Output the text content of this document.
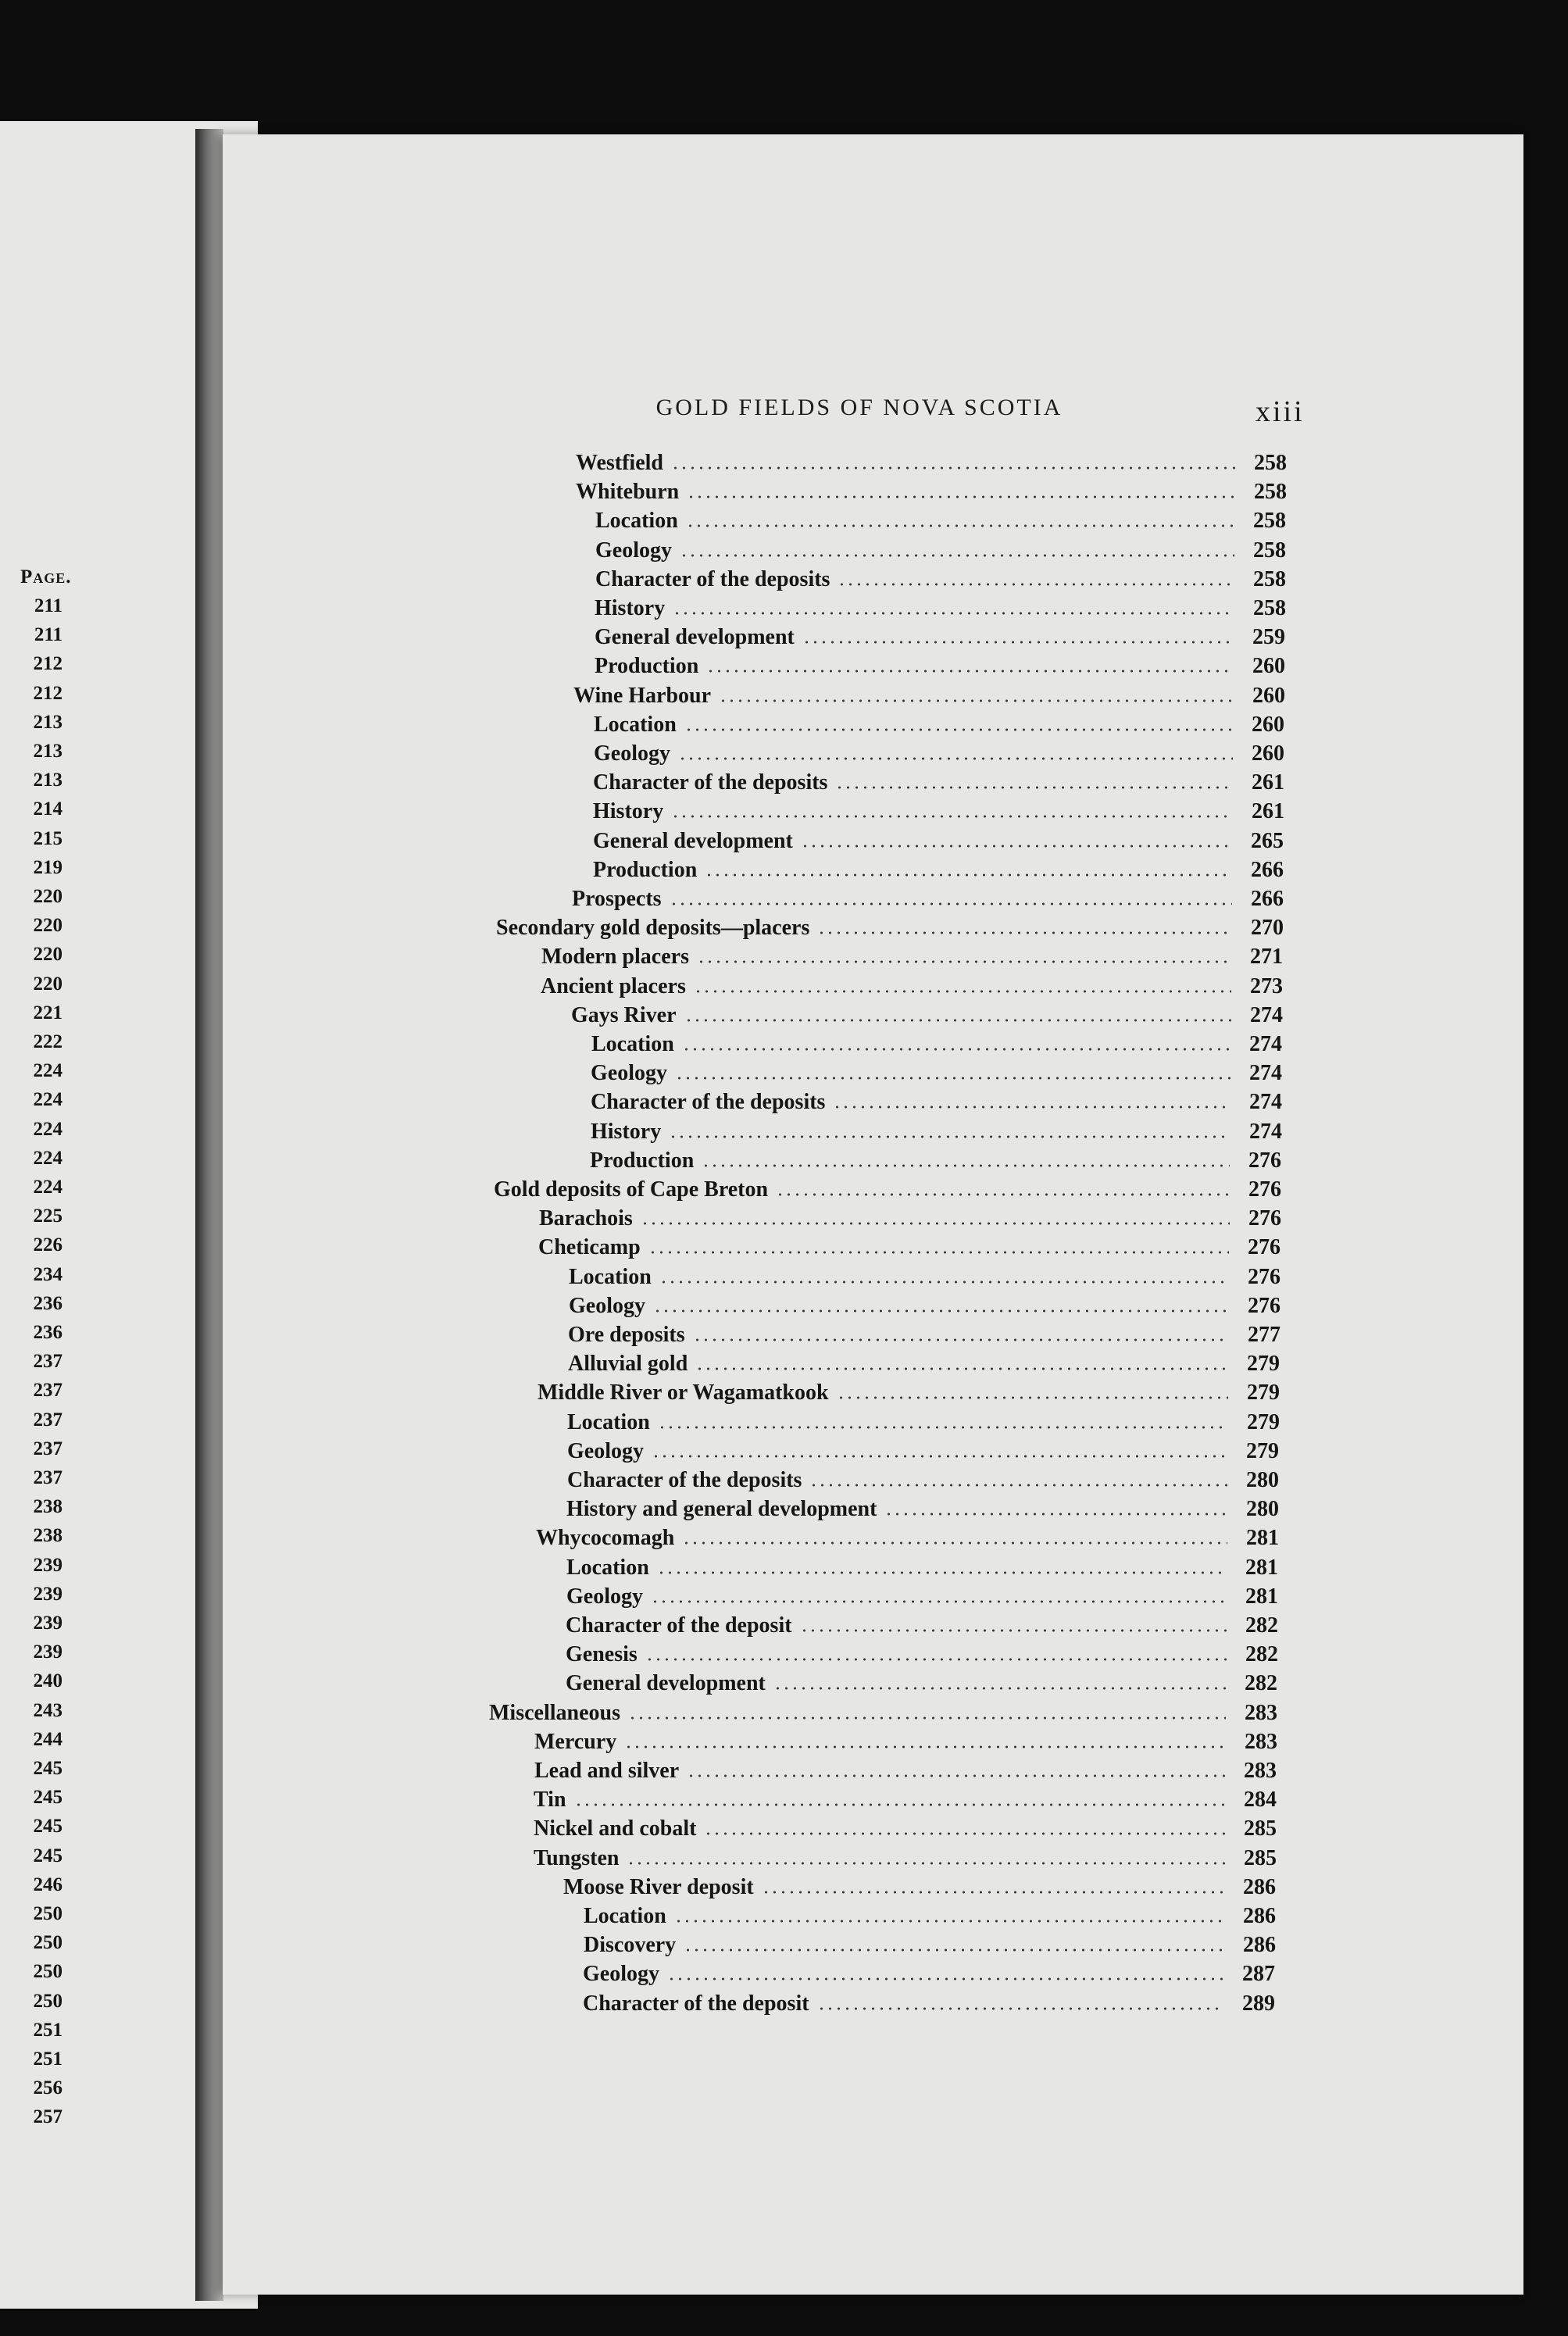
Page.
211
211
212
212
213
213
213
214
215
219
220
220
220
220
221
222
224
224
224
224
224
225
226
234
236
236
237
237
237
237
237
238
238
239
239
239
239
240
243
244
245
245
245
245
246
250
250
250
250
251
251
256
257
Westfield	258
Whiteburn	258
Location	258
Geology	258
Character of the deposits	258
History	258
General development	259
Production	260
Wine Harbour	260
Location	260
Geology	260
Character of the deposits	261
History	261
General development	265
Production	266
Prospects	266
Secondary gold deposits—placers	270
Modern placers	271
Ancient placers	273
Gays River	274
Location	274
Geology	274
Character of the deposits	274
History	274
Production	276
Gold deposits of Cape Breton	276
Barachois	276
Cheticamp	276
Location	276
Geology	276
Ore deposits	277
Alluvial gold	279
Middle River or Wagamatkook	279
Location	279
Geology	279
Character of the deposits	280
History and general development	280
Whycocomagh	281
Location	281
Geology	281
Character of the deposit	282
Genesis	282
General development	282
Miscellaneous	283
Mercury	283
Lead and silver	283
Tin	284
Nickel and cobalt	285
Tungsten	285
Moose River deposit	286
Location	286
Discovery	286
Geology	287
Character of the deposit	289
GOLD FIELDS OF NOVA SCOTIA	xiii
